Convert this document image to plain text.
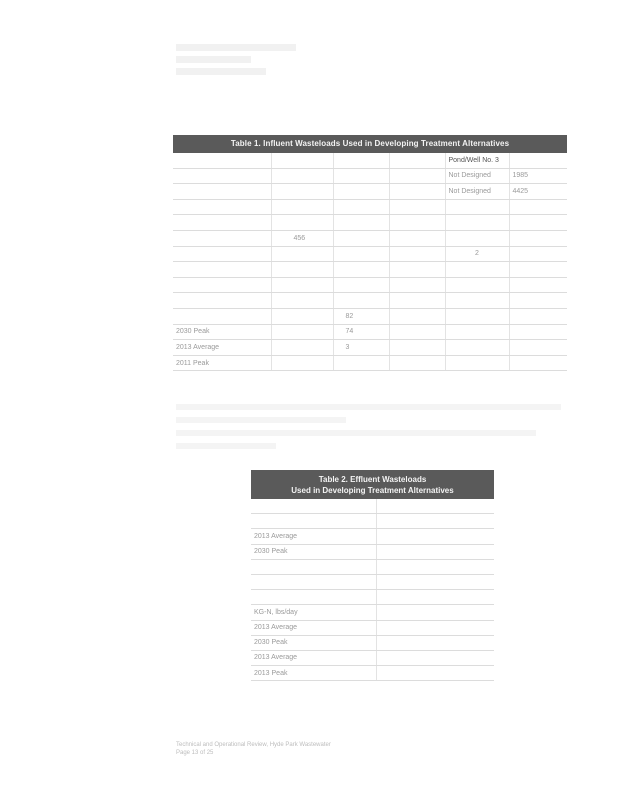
Table 1. Influent Wasteloads Used in Developing Treatment Alternatives
				Pond/Well No. 3	
				Not Designed	1985
				Not Designed	4425

	456				
				2	

		82			
2030 Peak		74			
2013 Average		3			
2011 Peak					
Table 2. Effluent Wasteloads
Used in Developing Treatment Alternatives

2013 Average	
2030 Peak	

KG-N, lbs/day	
2013 Average	
2030 Peak	
2013 Average	
2013 Peak	
Technical and Operational Review, Hyde Park Wastewater
Page 13 of 25
